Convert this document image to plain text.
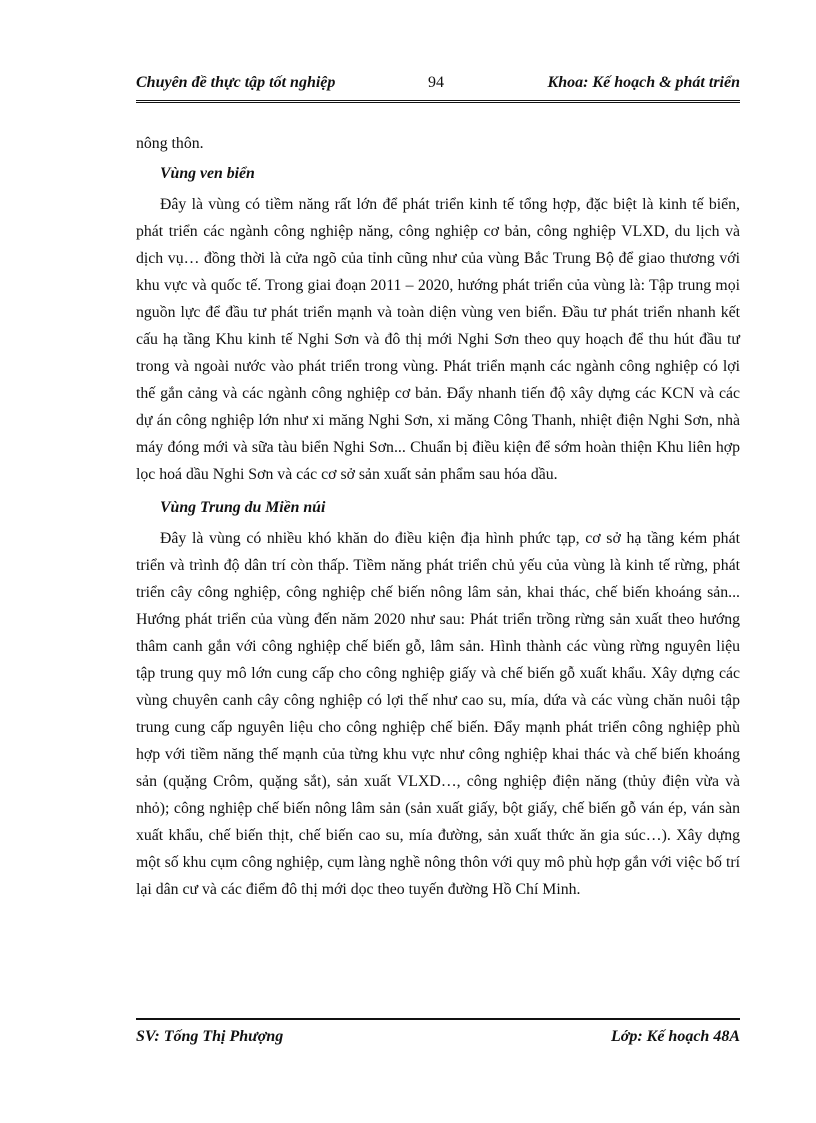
Chuyên đề thực tập tốt nghiệp	94	Khoa: Kế hoạch & phát triển

nông thôn.

Vùng ven biển

Đây là vùng có tiềm năng rất lớn để phát triển kinh tế tổng hợp, đặc biệt là kinh tế biển, phát triển các ngành công nghiệp năng, công nghiệp cơ bản, công nghiệp VLXD, du lịch và dịch vụ… đồng thời là cửa ngõ của tỉnh cũng như của vùng Bắc Trung Bộ để giao thương với khu vực và quốc tế. Trong giai đoạn 2011 – 2020, hướng phát triển của vùng là: Tập trung mọi nguồn lực để đầu tư phát triển mạnh và toàn diện vùng ven biển. Đầu tư phát triển nhanh kết cấu hạ tầng Khu kinh tế Nghi Sơn và đô thị mới Nghi Sơn theo quy hoạch để thu hút đầu tư trong và ngoài nước vào phát triển trong vùng. Phát triển mạnh các ngành công nghiệp có lợi thế gắn cảng và các ngành công nghiệp cơ bản. Đẩy nhanh tiến độ xây dựng các KCN và các dự án công nghiệp lớn như xi măng Nghi Sơn, xi măng Công Thanh, nhiệt điện Nghi Sơn, nhà máy đóng mới và sữa tàu biển Nghi Sơn... Chuẩn bị điều kiện để sớm hoàn thiện Khu liên hợp lọc hoá dầu Nghi Sơn và các cơ sở sản xuất sản phẩm sau hóa dầu.

Vùng Trung du Miền núi

Đây là vùng có nhiều khó khăn do điều kiện địa hình phức tạp, cơ sở hạ tầng kém phát triển và trình độ dân trí còn thấp. Tiềm năng phát triển chủ yếu của vùng là kinh tế rừng, phát triển cây công nghiệp, công nghiệp chế biến nông lâm sản, khai thác, chế biến khoáng sản... Hướng phát triển của vùng đến năm 2020 như sau: Phát triển trồng rừng sản xuất theo hướng thâm canh gắn với công nghiệp chế biến gỗ, lâm sản. Hình thành các vùng rừng nguyên liệu tập trung quy mô lớn cung cấp cho công nghiệp giấy và chế biến gỗ xuất khẩu. Xây dựng các vùng chuyên canh cây công nghiệp có lợi thế như cao su, mía, dứa và các vùng chăn nuôi tập trung cung cấp nguyên liệu cho công nghiệp chế biến. Đẩy mạnh phát triển công nghiệp phù hợp với tiềm năng thế mạnh của từng khu vực như công nghiệp khai thác và chế biến khoáng sản (quặng Crôm, quặng sắt), sản xuất VLXD…, công nghiệp điện năng (thủy điện vừa và nhỏ); công nghiệp chế biến nông lâm sản (sản xuất giấy, bột giấy, chế biến gỗ ván ép, ván sàn xuất khẩu, chế biến thịt, chế biến cao su, mía đường, sản xuất thức ăn gia súc…). Xây dựng một số khu cụm công nghiệp, cụm làng nghề nông thôn với quy mô phù hợp gắn với việc bố trí lại dân cư và các điểm đô thị mới dọc theo tuyến đường Hồ Chí Minh.

SV: Tống Thị Phượng	Lớp: Kế hoạch 48A
